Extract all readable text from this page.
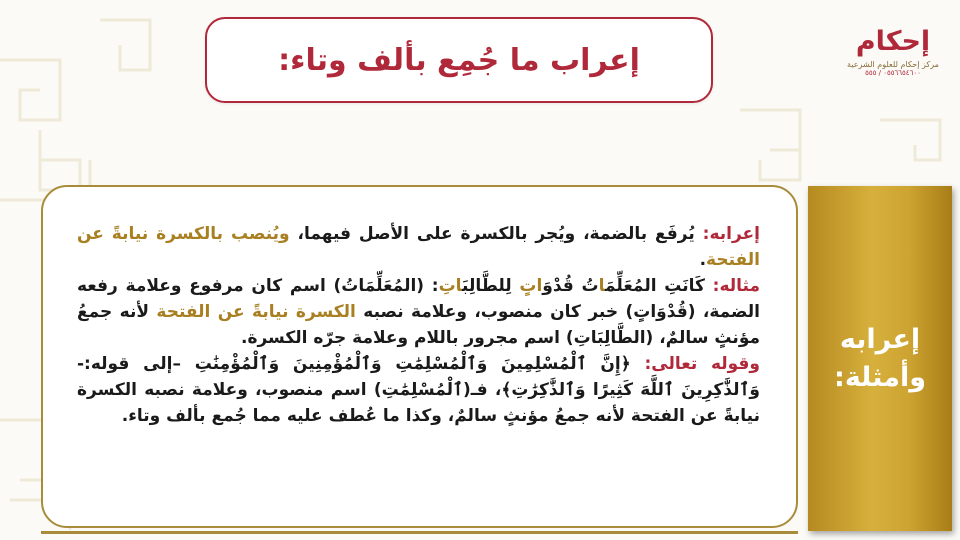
إعراب ما جُمِع بألف وتاء:
إحكام
مركز إحكام للعلوم الشرعية
٠٥٥٦٦٥٤٦٠٠ / ٥٥٥
إعرابه
وأمثلة:

إعرابه: يُرفَع بالضمة، ويُجر بالكسرة على الأصل فيهما، ويُنصب بالكسرة نيابةً عن الفتحة.

مثاله: كَانَتِ المُعَلِّمَاتُ قُدْوَاتٍ لِلطَّالِبَاتِ: (المُعَلِّمَاتُ) اسم كان مرفوع وعلامة رفعه الضمة، (قُدْوَاتٍ) خبر كان منصوب، وعلامة نصبه الكسرة نيابةً عن الفتحة لأنه جمعُ مؤنثٍ سالمٌ، (الطَّالِبَاتِ) اسم مجرور باللام وعلامة جرّه الكسرة.

وقوله تعالى: ﴿إِنَّ ٱلْمُسْلِمِينَ وَٱلْمُسْلِمَٰتِ وَٱلْمُؤْمِنِينَ وَٱلْمُؤْمِنَٰتِ –إلى قوله:- وَٱلذَّٰكِرِينَ ٱللَّهَ كَثِيرًا وَٱلذَّٰكِرَٰتِ﴾، فـ(ٱلْمُسْلِمَٰتِ) اسم منصوب، وعلامة نصبه الكسرة نيابةً عن الفتحة لأنه جمعُ مؤنثٍ سالمٌ، وكذا ما عُطف عليه مما جُمع بألف وتاء.
